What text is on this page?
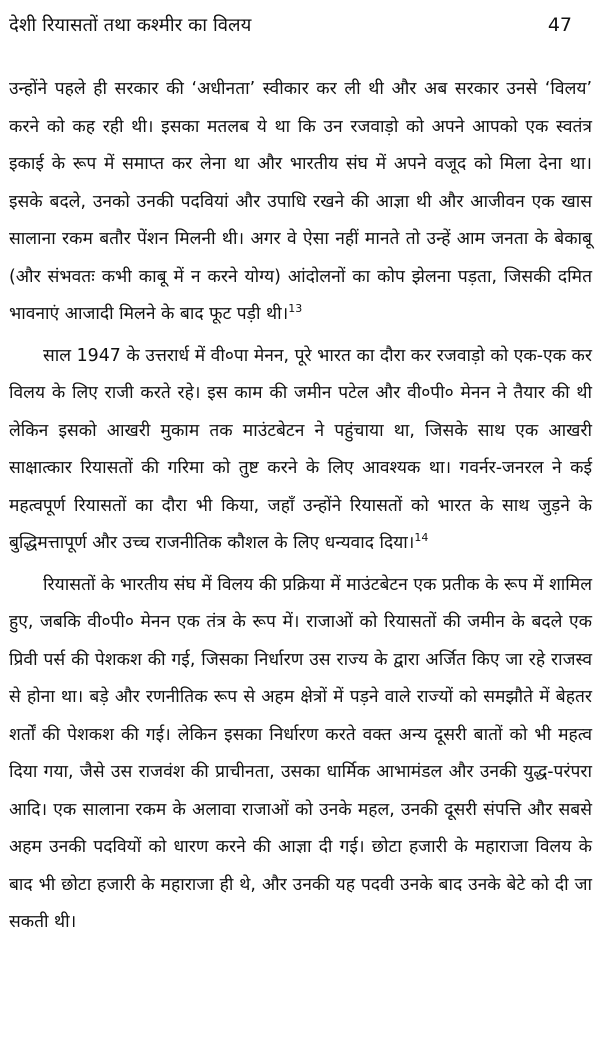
देशी रियासतों तथा कश्मीर का विलय	47

उन्होंने पहले ही सरकार की ‘अधीनता’ स्वीकार कर ली थी और अब सरकार उनसे ‘विलय’ करने को कह रही थी। इसका मतलब ये था कि उन रजवाड़ो को अपने आपको एक स्वतंत्र इकाई के रूप में समाप्त कर लेना था और भारतीय संघ में अपने वजूद को मिला देना था। इसके बदले, उनको उनकी पदवियां और उपाधि रखने की आज्ञा थी और आजीवन एक खास सालाना रकम बतौर पेंशन मिलनी थी। अगर वे ऐसा नहीं मानते तो उन्हें आम जनता के बेकाबू (और संभवतः कभी काबू में न करने योग्य) आंदोलनों का कोप झेलना पड़ता, जिसकी दमित भावनाएं आजादी मिलने के बाद फूट पड़ी थी।$^{13}$

साल 1947 के उत्तरार्ध में वी०पा मेनन, पूरे भारत का दौरा कर रजवाड़ो को एक-एक कर विलय के लिए राजी करते रहे। इस काम की जमीन पटेल और वी०पी० मेनन ने तैयार की थी लेकिन इसको आखरी मुकाम तक माउंटबेटन ने पहुंचाया था, जिसके साथ एक आखरी साक्षात्कार रियासतों की गरिमा को तुष्ट करने के लिए आवश्यक था। गवर्नर-जनरल ने कई महत्वपूर्ण रियासतों का दौरा भी किया, जहाँ उन्होंने रियासतों को भारत के साथ जुड़ने के बुद्धिमत्तापूर्ण और उच्च राजनीतिक कौशल के लिए धन्यवाद दिया।$^{14}$

रियासतों के भारतीय संघ में विलय की प्रक्रिया में माउंटबेटन एक प्रतीक के रूप में शामिल हुए, जबकि वी०पी० मेनन एक तंत्र के रूप में। राजाओं को रियासतों की जमीन के बदले एक प्रिवी पर्स की पेशकश की गई, जिसका निर्धारण उस राज्य के द्वारा अर्जित किए जा रहे राजस्व से होना था। बड़े और रणनीतिक रूप से अहम क्षेत्रों में पड़ने वाले राज्यों को समझौते में बेहतर शर्तों की पेशकश की गई। लेकिन इसका निर्धारण करते वक्त अन्य दूसरी बातों को भी महत्व दिया गया, जैसे उस राजवंश की प्राचीनता, उसका धार्मिक आभामंडल और उनकी युद्ध-परंपरा आदि। एक सालाना रकम के अलावा राजाओं को उनके महल, उनकी दूसरी संपत्ति और सबसे अहम उनकी पदवियों को धारण करने की आज्ञा दी गई। छोटा हजारी के महाराजा विलय के बाद भी छोटा हजारी के महाराजा ही थे, और उनकी यह पदवी उनके बाद उनके बेटे को दी जा सकती थी।
